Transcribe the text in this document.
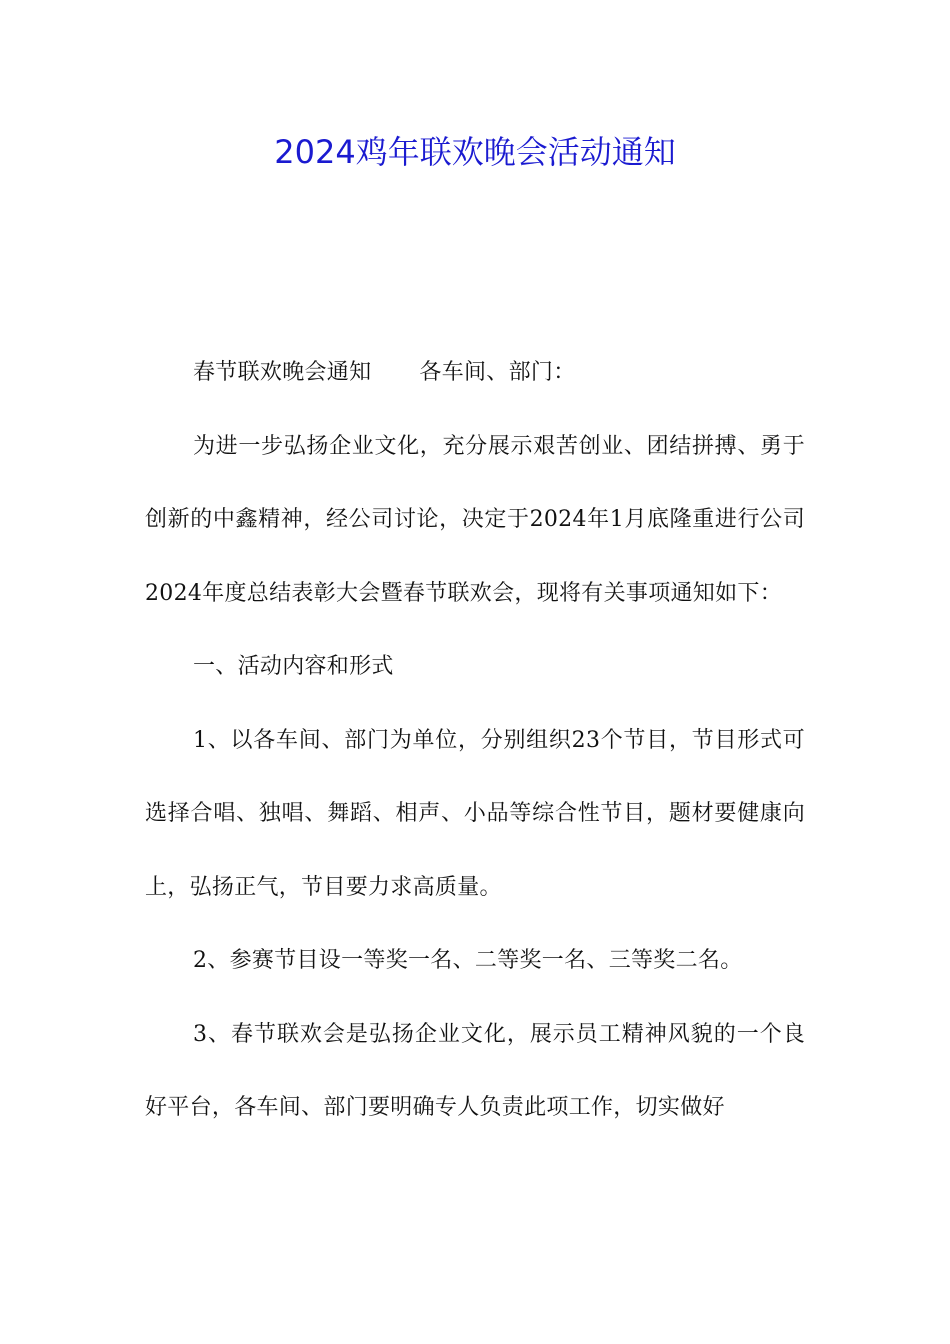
2024鸡年联欢晚会活动通知

春节联欢晚会通知 各车间、部门：

为进一步弘扬企业文化，充分展示艰苦创业、团结拼搏、勇于创新的中鑫精神，经公司讨论，决定于2024年1月底隆重进行公司2024年度总结表彰大会暨春节联欢会，现将有关事项通知如下：

一、活动内容和形式

1、以各车间、部门为单位，分别组织23个节目，节目形式可选择合唱、独唱、舞蹈、相声、小品等综合性节目，题材要健康向上，弘扬正气，节目要力求高质量。

2、参赛节目设一等奖一名、二等奖一名、三等奖二名。

3、春节联欢会是弘扬企业文化，展示员工精神风貌的一个良好平台，各车间、部门要明确专人负责此项工作，切实做好
